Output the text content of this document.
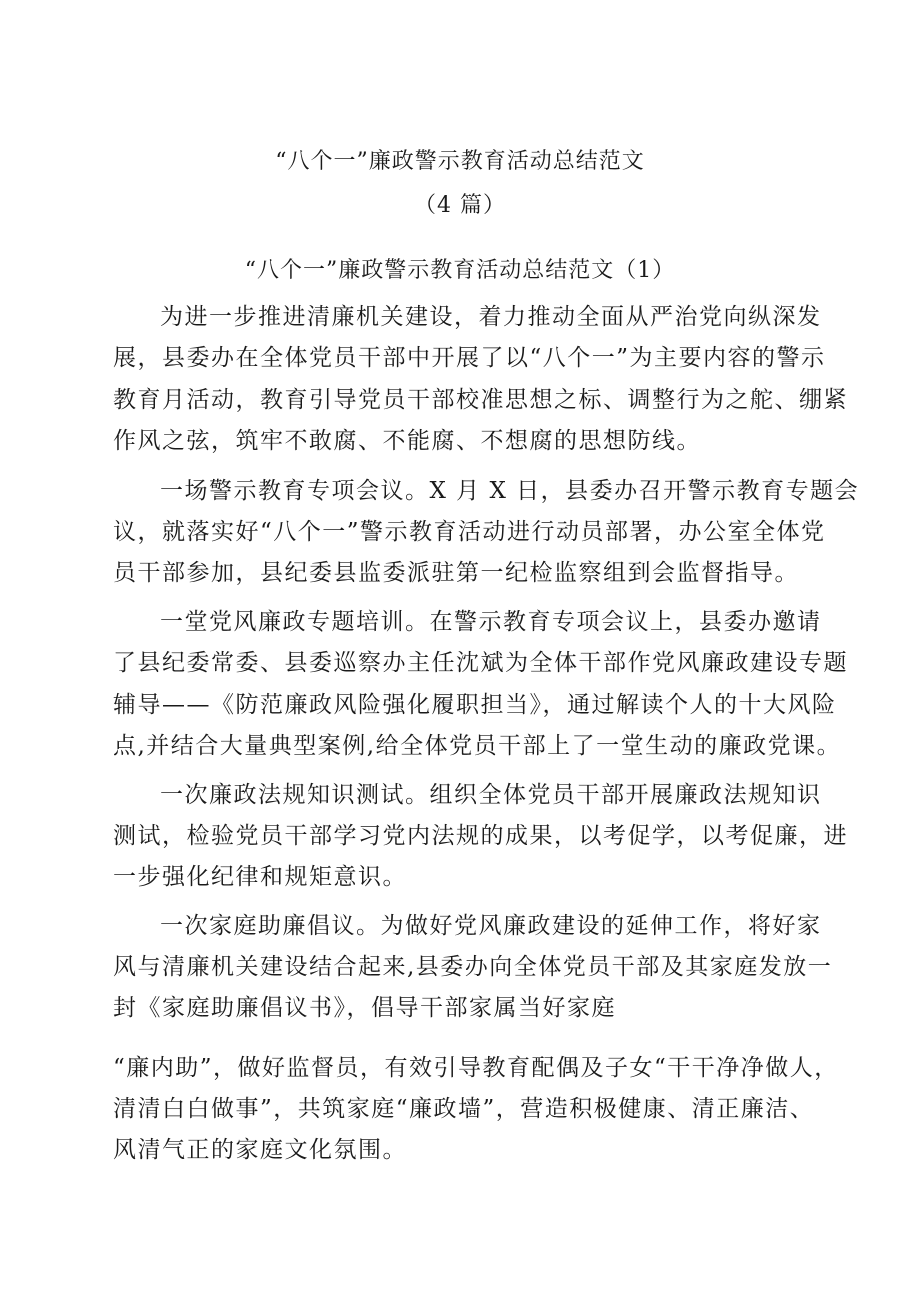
“八个一”廉政警示教育活动总结范文
（4 篇）
“八个一”廉政警示教育活动总结范文（1）
为进一步推进清廉机关建设，着力推动全面从严治党向纵深发
展，县委办在全体党员干部中开展了以“八个一”为主要内容的警示
教育月活动，教育引导党员干部校准思想之标、调整行为之舵、绷紧
作风之弦，筑牢不敢腐、不能腐、不想腐的思想防线。
一场警示教育专项会议。X 月 X 日，县委办召开警示教育专题会
议，就落实好“八个一”警示教育活动进行动员部署，办公室全体党
员干部参加，县纪委县监委派驻第一纪检监察组到会监督指导。
一堂党风廉政专题培训。在警示教育专项会议上，县委办邀请
了县纪委常委、县委巡察办主任沈斌为全体干部作党风廉政建设专题
辅导——《防范廉政风险强化履职担当》，通过解读个人的十大风险
点,并结合大量典型案例,给全体党员干部上了一堂生动的廉政党课。
一次廉政法规知识测试。组织全体党员干部开展廉政法规知识
测试，检验党员干部学习党内法规的成果，以考促学，以考促廉，进
一步强化纪律和规矩意识。
一次家庭助廉倡议。为做好党风廉政建设的延伸工作，将好家
风与清廉机关建设结合起来,县委办向全体党员干部及其家庭发放一
封《家庭助廉倡议书》，倡导干部家属当好家庭
“廉内助”，做好监督员，有效引导教育配偶及子女“干干净净做人，
清清白白做事”，共筑家庭“廉政墙”，营造积极健康、清正廉洁、
风清气正的家庭文化氛围。
